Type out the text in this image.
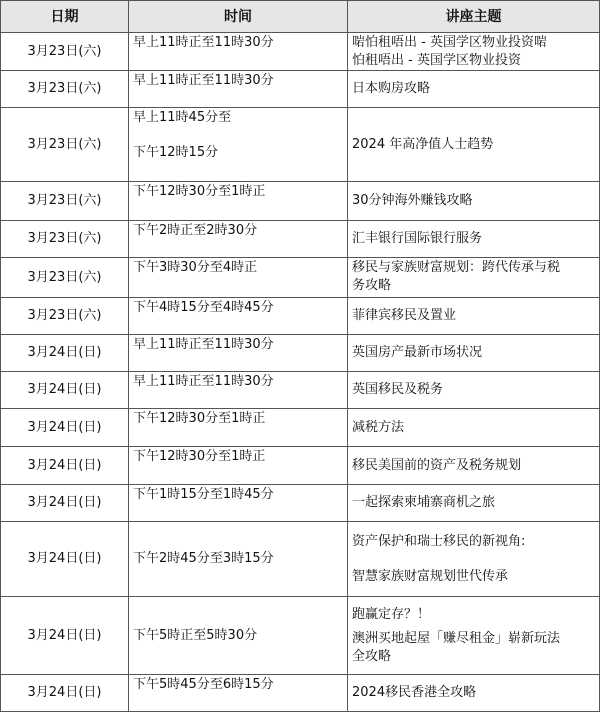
日期	时间	讲座主题
3月23日(六)	早上11時正至11時30分	啱怕租唔出 - 英国学区物业投资啱
怕租唔出 - 英国学区物业投资

3月23日(六)	早上11時正至11時30分	日本购房攻略

3月23日(六)	早上11時45分至
下午12時15分	2024 年高净值人士趋势

3月23日(六)	下午12時30分至1時正	30分钟海外赚钱攻略

3月23日(六)	下午2時正至2時30分	汇丰银行国际银行服务

3月23日(六)	下午3時30分至4時正	移民与家族财富规划：跨代传承与税
务攻略

3月23日(六)	下午4時15分至4時45分	菲律宾移民及置业

3月24日(日)	早上11時正至11時30分	英国房产最新市场状况

3月24日(日)	早上11時正至11時30分	英国移民及税务

3月24日(日)	下午12時30分至1時正	减税方法

3月24日(日)	下午12時30分至1時正	移民美国前的资产及税务规划

3月24日(日)	下午1時15分至1時45分	一起探索柬埔寨商机之旅

3月24日(日)	下午2時45分至3時15分	资产保护和瑞士移民的新视角:
智慧家族财富规划世代传承

3月24日(日)	下午5時正至5時30分	跑赢定存？！
澳洲买地起屋「赚尽租金」崭新玩法
全攻略

3月24日(日)	下午5時45分至6時15分	2024移民香港全攻略
